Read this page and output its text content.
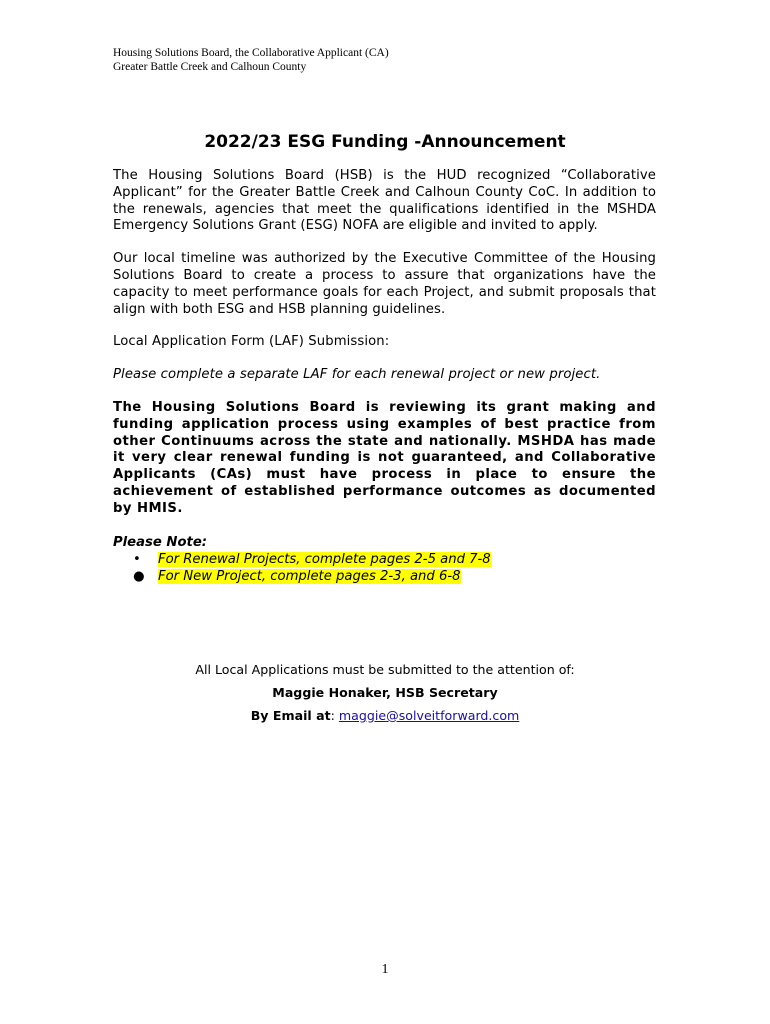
Housing Solutions Board, the Collaborative Applicant (CA)
Greater Battle Creek and Calhoun County
2022/23 ESG Funding -Announcement

The Housing Solutions Board (HSB) is the HUD recognized “Collaborative Applicant” for the Greater Battle Creek and Calhoun County CoC. In addition to the renewals, agencies that meet the qualifications identified in the MSHDA Emergency Solutions Grant (ESG) NOFA are eligible and invited to apply.

Our local timeline was authorized by the Executive Committee of the Housing Solutions Board to create a process to assure that organizations have the capacity to meet performance goals for each Project, and submit proposals that align with both ESG and HSB planning guidelines.

Local Application Form (LAF) Submission:

Please complete a separate LAF for each renewal project or new project.

The Housing Solutions Board is reviewing its grant making and funding application process using examples of best practice from other Continuums across the state and nationally. MSHDA has made it very clear renewal funding is not guaranteed, and Collaborative Applicants (CAs) must have process in place to ensure the achievement of established performance outcomes as documented by HMIS.

Please Note:
• For Renewal Projects, complete pages 2-5 and 7-8
● For New Project, complete pages 2-3, and 6-8
All Local Applications must be submitted to the attention of:
Maggie Honaker, HSB Secretary
By Email at: maggie@solveitforward.com
1
